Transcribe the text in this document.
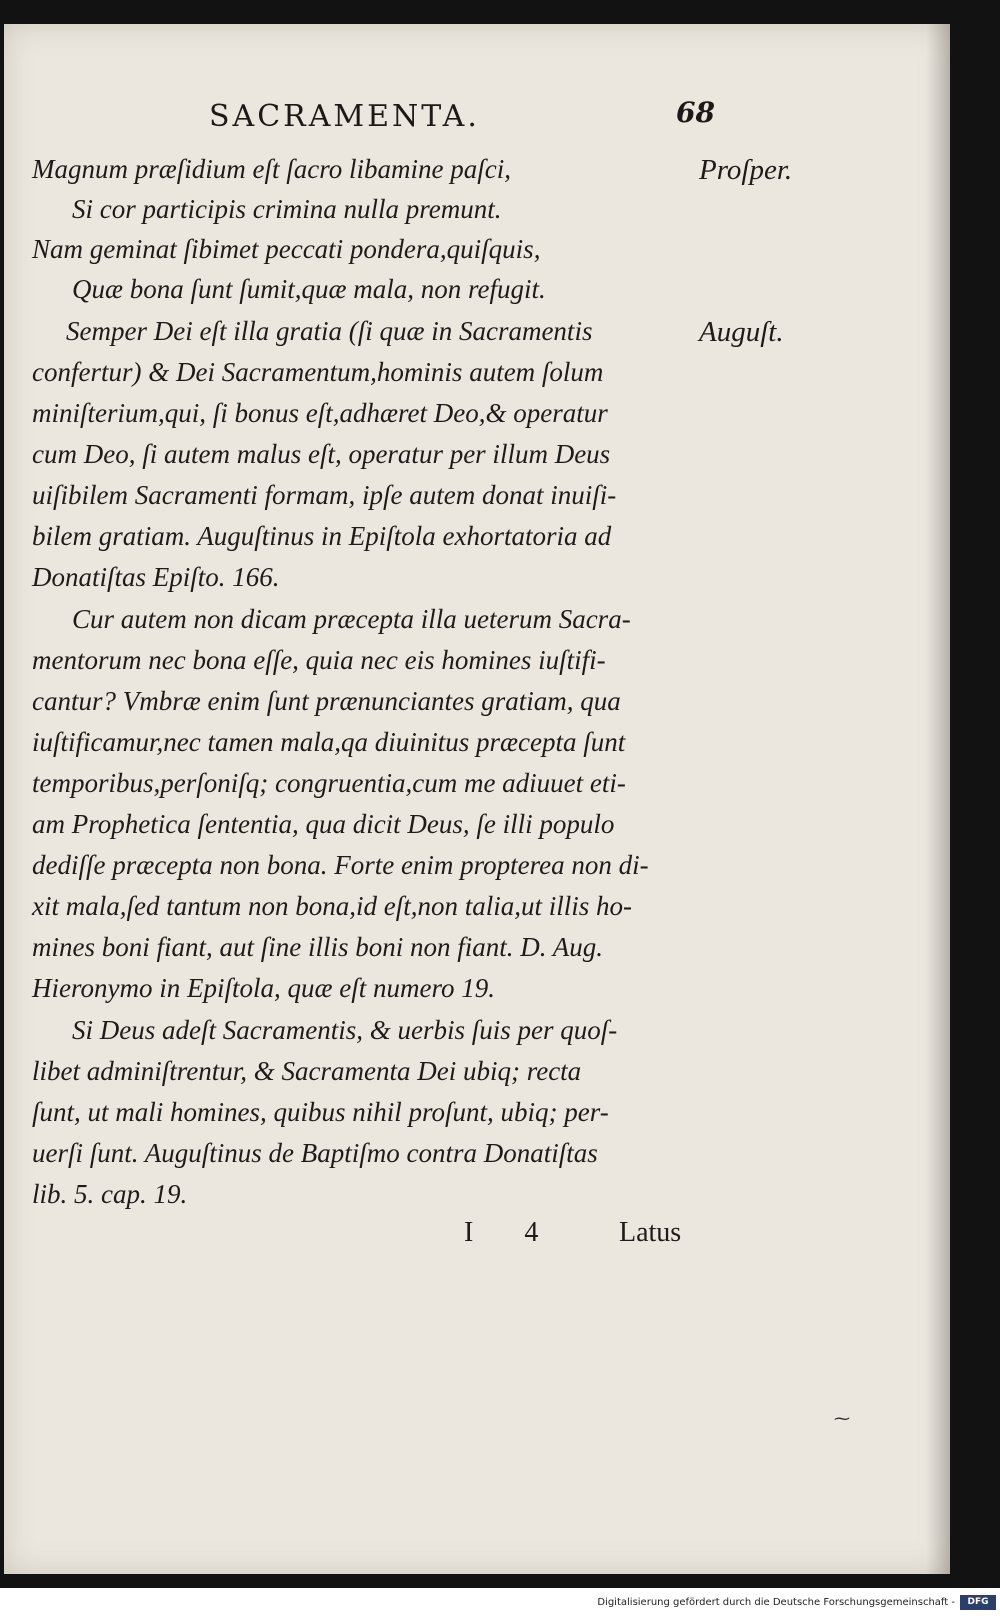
SACRAMENTA.	68
Magnum præſidium eſt ſacro libamine paſci,
Si cor participis crimina nulla premunt.
Nam geminat ſibimet peccati pondera,quiſquis,
Quæ bona ſunt ſumit,quæ mala, non refugit.
Semper Dei eſt illa gratia (ſi quæ in Sacramentis
confertur) & Dei Sacramentum,hominis autem ſolum
miniſterium,qui, ſi bonus eſt,adhæret Deo,& operatur
cum Deo, ſi autem malus eſt, operatur per illum Deus
uiſibilem Sacramenti formam, ipſe autem donat inuiſi-
bilem gratiam. Auguſtinus in Epiſtola exhortatoria ad
Donatiſtas Epiſto. 166.
Cur autem non dicam præcepta illa ueterum Sacra-
mentorum nec bona eſſe, quia nec eis homines iuſtifi-
cantur? Vmbræ enim ſunt prænunciantes gratiam, qua
iuſtificamur,nec tamen mala,qa diuinitus præcepta ſunt
temporibus,perſoniſq; congruentia,cum me adiuuet eti-
am Prophetica ſententia, qua dicit Deus, ſe illi populo
dediſſe præcepta non bona. Forte enim propterea non di-
xit mala,ſed tantum non bona,id eſt,non talia,ut illis ho-
mines boni fiant, aut ſine illis boni non fiant. D. Aug.
Hieronymo in Epiſtola, quæ eſt numero 19.
Si Deus adeſt Sacramentis, & uerbis ſuis per quoſ-
libet adminiſtrentur, & Sacramenta Dei ubiq; recta
ſunt, ut mali homines, quibus nihil proſunt, ubiq; per-
uerſi ſunt. Auguſtinus de Baptiſmo contra Donatiſtas
lib. 5. cap. 19.
Proſper.
Auguſt.
I 4 Latus
⁓
Digitalisierung gefördert durch die Deutsche Forschungsgemeinschaft -	DFG
